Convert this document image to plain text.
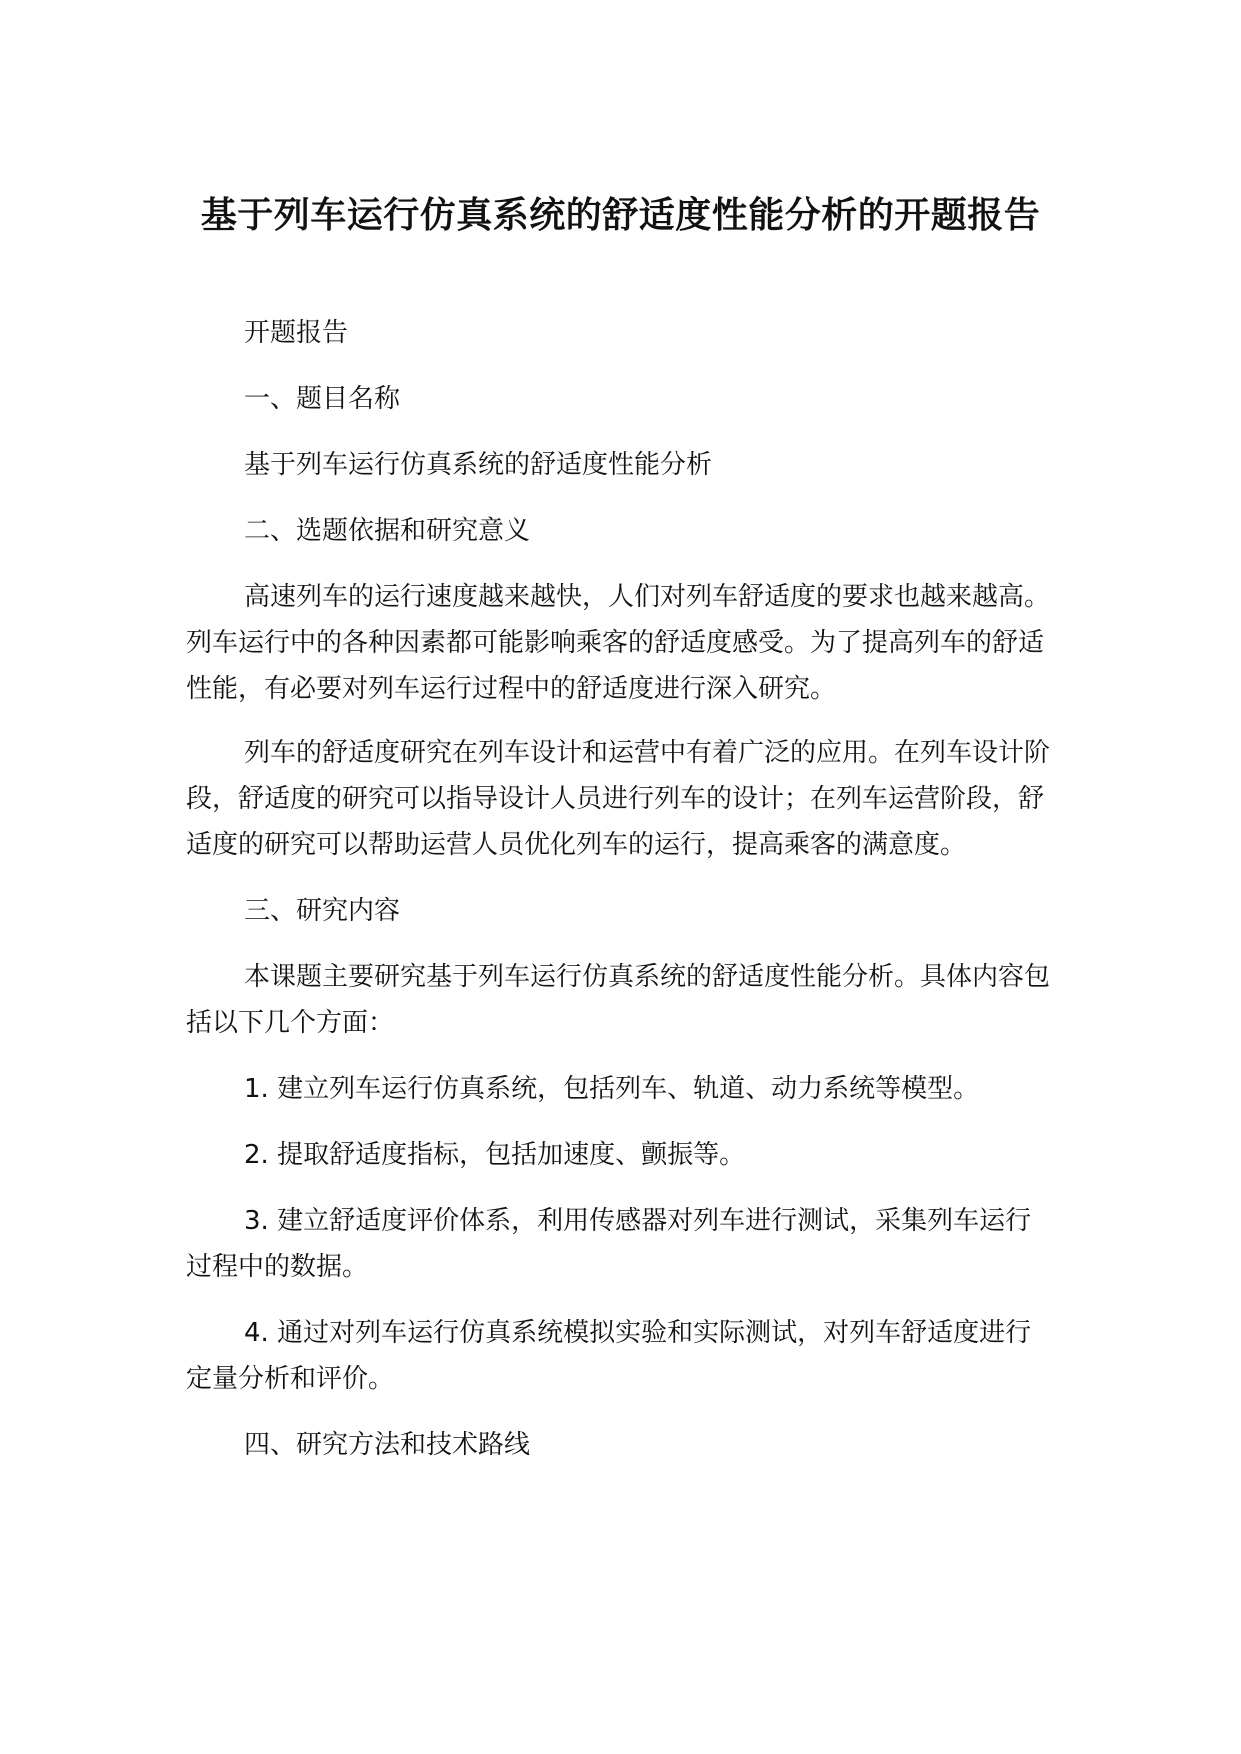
基于列车运行仿真系统的舒适度性能分析的开题报告

开题报告

一、题目名称

基于列车运行仿真系统的舒适度性能分析

二、选题依据和研究意义

高速列车的运行速度越来越快，人们对列车舒适度的要求也越来越高。列车运行中的各种因素都可能影响乘客的舒适度感受。为了提高列车的舒适性能，有必要对列车运行过程中的舒适度进行深入研究。

列车的舒适度研究在列车设计和运营中有着广泛的应用。在列车设计阶段，舒适度的研究可以指导设计人员进行列车的设计；在列车运营阶段，舒适度的研究可以帮助运营人员优化列车的运行，提高乘客的满意度。

三、研究内容

本课题主要研究基于列车运行仿真系统的舒适度性能分析。具体内容包括以下几个方面：

1. 建立列车运行仿真系统，包括列车、轨道、动力系统等模型。

2. 提取舒适度指标，包括加速度、颤振等。

3. 建立舒适度评价体系，利用传感器对列车进行测试，采集列车运行过程中的数据。

4. 通过对列车运行仿真系统模拟实验和实际测试，对列车舒适度进行定量分析和评价。

四、研究方法和技术路线
